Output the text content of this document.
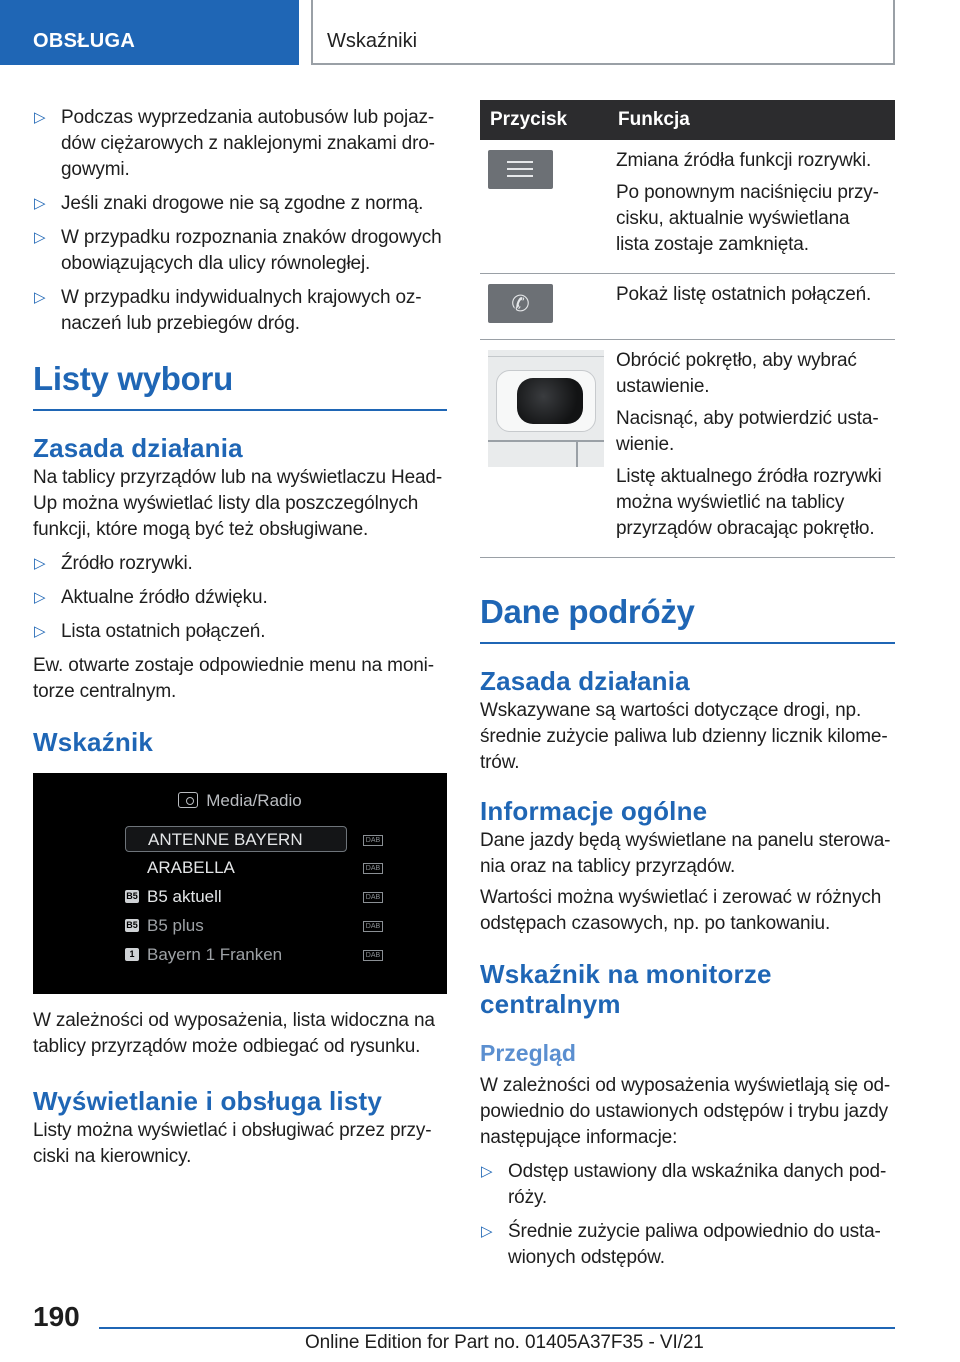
OBSŁUGA	Wskaźniki
▷ Podczas wyprzedzania autobusów lub pojaz-dów ciężarowych z naklejonymi znakami dro-gowymi.
▷ Jeśli znaki drogowe nie są zgodne z normą.
▷ W przypadku rozpoznania znaków drogowych obowiązujących dla ulicy równoległej.
▷ W przypadku indywidualnych krajowych oz-naczeń lub przebiegów dróg.
Listy wyboru
Zasada działania

Na tablicy przyrządów lub na wyświetlaczu Head-Up można wyświetlać listy dla poszczególnych funkcji, które mogą być też obsługiwane.

▷ Źródło rozrywki.
▷ Aktualne źródło dźwięku.
▷ Lista ostatnich połączeń.

Ew. otwarte zostaje odpowiednie menu na moni-torze centralnym.

Wskaźnik
Media/Radio
ANTENNE BAYERN	DAB
ARABELLA	DAB
B5 B5 aktuell	DAB
B5 B5 plus	DAB
1 Bayern 1 Franken	DAB

W zależności od wyposażenia, lista widoczna na tablicy przyrządów może odbiegać od rysunku.

Wyświetlanie i obsługa listy

Listy można wyświetlać i obsługiwać przez przy-ciski na kierownicy.

Przycisk	Funkcja

	Zmiana źródła funkcji rozrywki.

Po ponownym naciśnięciu przy-cisku, aktualnie wyświetlana lista zostaje zamknięta.

✆	Pokaż listę ostatnich połączeń.

	Obrócić pokrętło, aby wybrać ustawienie.

Nacisnąć, aby potwierdzić usta-wienie.

Listę aktualnego źródła rozrywki można wyświetlić na tablicy przyrządów obracając pokrętło.

Dane podróży
Zasada działania

Wskazywane są wartości dotyczące drogi, np. średnie zużycie paliwa lub dzienny licznik kilome-trów.

Informacje ogólne

Dane jazdy będą wyświetlane na panelu sterowa-nia oraz na tablicy przyrządów.

Wartości można wyświetlać i zerować w różnych odstępach czasowych, np. po tankowaniu.

Wskaźnik na monitorze centralnym
Przegląd

W zależności od wyposażenia wyświetlają się od-powiednio do ustawionych odstępów i trybu jazdy następujące informacje:

▷ Odstęp ustawiony dla wskaźnika danych pod-róży.
▷ Średnie zużycie paliwa odpowiednio do usta-wionych odstępów.
190
Online Edition for Part no. 01405A37F35 - VI/21
